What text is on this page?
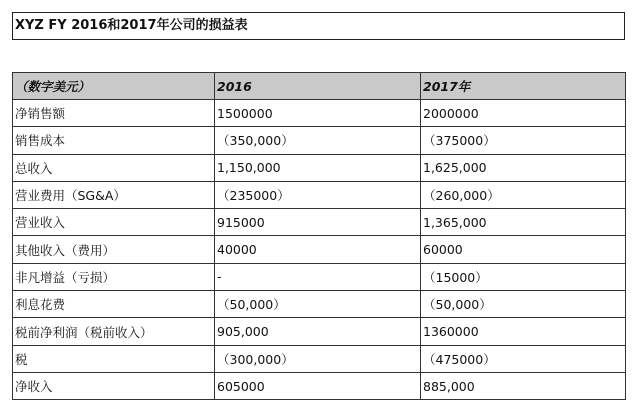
XYZ FY 2016和2017年公司的损益表
（数字美元）	2016	2017年
净销售额	1500000	2000000
销售成本	（350,000）	（375000）
总收入	1,150,000	1,625,000
营业费用（SG&A）	（235000）	（260,000）
营业收入	915000	1,365,000
其他收入（费用）	40000	60000
非凡增益（亏损）	-	（15000）
利息花费	（50,000）	（50,000）
税前净利润（税前收入）	905,000	1360000
税	（300,000）	（475000）
净收入	605000	885,000
